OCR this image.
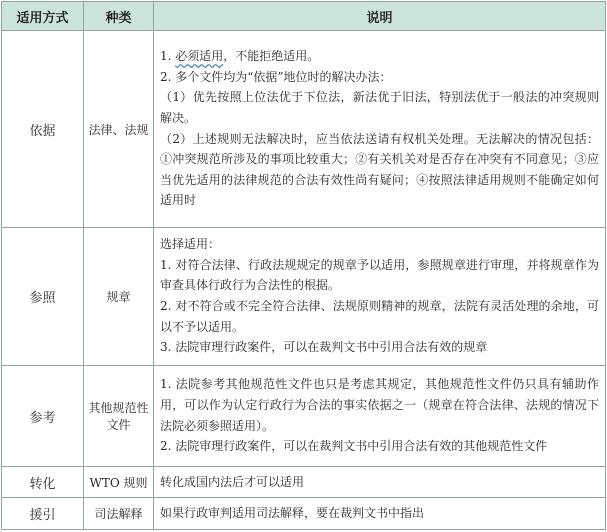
适用方式	种类	说明
依据	法律、法规	1. 必须适用，不能拒绝适用。

2. 多个文件均为“依据”地位时的解决办法：

（1）优先按照上位法优于下位法，新法优于旧法，特别法优于一般法的冲突规则解决。

（2）上述规则无法解决时，应当依法送请有权机关处理。无法解决的情况包括：①冲突规范所涉及的事项比较重大；②有关机关对是否存在冲突有不同意见；③应当优先适用的法律规范的合法有效性尚有疑问；④按照法律适用规则不能确定如何适用时

参照	规章	选择适用：

1. 对符合法律、行政法规规定的规章予以适用，参照规章进行审理，并将规章作为审查具体行政行为合法性的根据。

2. 对不符合或不完全符合法律、法规原则精神的规章，法院有灵活处理的余地，可以不予以适用。

3. 法院审理行政案件，可以在裁判文书中引用合法有效的规章

参考	其他规范性文件	1. 法院参考其他规范性文件也只是考虑其规定，其他规范性文件仍只具有辅助作用，可以作为认定行政行为合法的事实依据之一（规章在符合法律、法规的情况下法院必须参照适用）。

2. 法院审理行政案件，可以在裁判文书中引用合法有效的其他规范性文件

转化	WTO 规则	转化成国内法后才可以适用

援引	司法解释	如果行政审判适用司法解释，要在裁判文书中指出
